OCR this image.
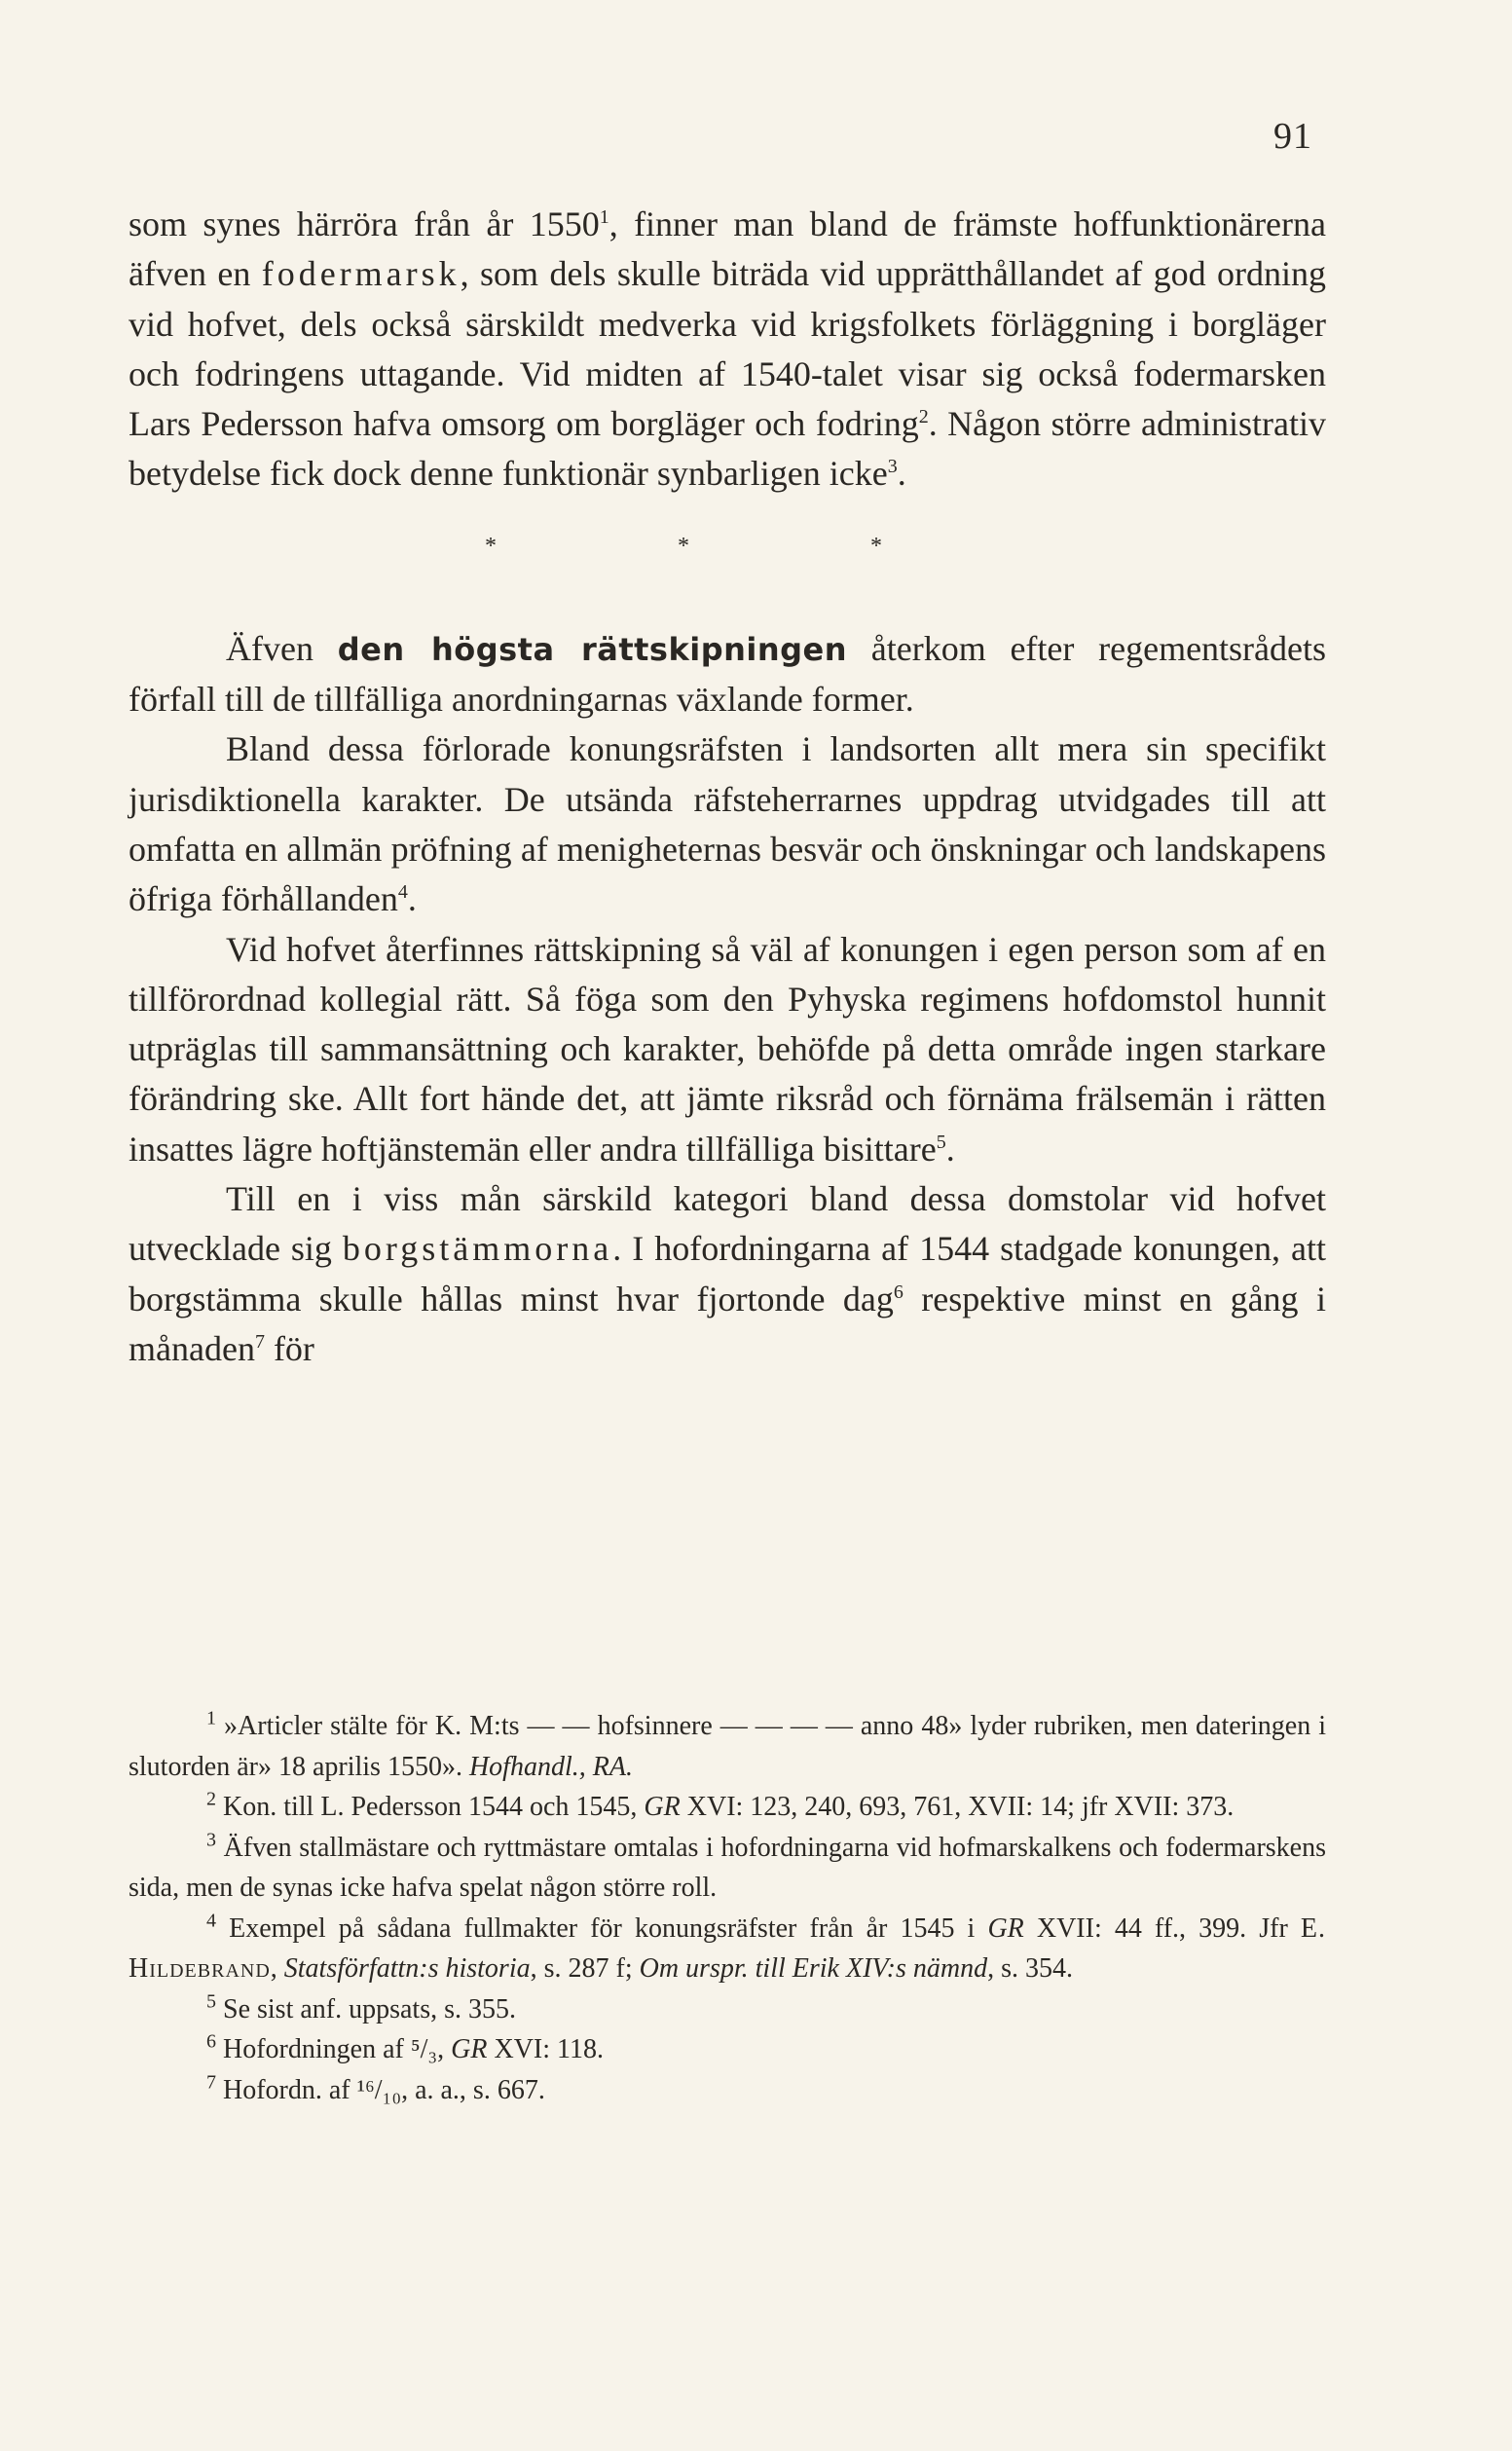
91

som synes härröra från år 1550$^1$, finner man bland de främste hoffunktionärerna äfven en fodermarsk, som dels skulle biträda vid upprätthållandet af god ordning vid hofvet, dels också särskildt medverka vid krigsfolkets förläggning i borgläger och fodringens uttagande. Vid midten af 1540-talet visar sig också fodermarsken Lars Pedersson hafva omsorg om borgläger och fodring$^2$. Någon större administrativ betydelse fick dock denne funktionär synbarligen icke$^3$.

* * *

Äfven den högsta rättskipningen återkom efter regementsrådets förfall till de tillfälliga anordningarnas växlande former.

Bland dessa förlorade konungsräfsten i landsorten allt mera sin specifikt jurisdiktionella karakter. De utsända räfsteherrarnes uppdrag utvidgades till att omfatta en allmän pröfning af menigheternas besvär och önskningar och landskapens öfriga förhållanden$^4$.

Vid hofvet återfinnes rättskipning så väl af konungen i egen person som af en tillförordnad kollegial rätt. Så föga som den Pyhyska regimens hofdomstol hunnit utpräglas till sammansättning och karakter, behöfde på detta område ingen starkare förändring ske. Allt fort hände det, att jämte riksråd och förnäma frälsemän i rätten insattes lägre hoftjänstemän eller andra tillfälliga bisittare$^5$.

Till en i viss mån särskild kategori bland dessa domstolar vid hofvet utvecklade sig borgstämmorna. I hofordningarna af 1544 stadgade konungen, att borgstämma skulle hållas minst hvar fjortonde dag$^6$ respektive minst en gång i månaden$^7$ för

$^1$ »Articler stälte för K. M:ts — — hofsinnere — — — — anno 48» lyder rubriken, men dateringen i slutorden är» 18 aprilis 1550». Hofhandl., RA.

$^2$ Kon. till L. Pedersson 1544 och 1545, GR XVI: 123, 240, 693, 761, XVII: 14; jfr XVII: 373.

$^3$ Äfven stallmästare och ryttmästare omtalas i hofordningarna vid hofmarskalkens och fodermarskens sida, men de synas icke hafva spelat någon större roll.

$^4$ Exempel på sådana fullmakter för konungsräfster från år 1545 i GR XVII: 44 ff., 399. Jfr E. Hildebrand, Statsförfattn:s historia, s. 287 f; Om urspr. till Erik XIV:s nämnd, s. 354.

$^5$ Se sist anf. uppsats, s. 355.

$^6$ Hofordningen af ⁵/₃, GR XVI: 118.

$^7$ Hofordn. af ¹⁶/₁₀, a. a., s. 667.
